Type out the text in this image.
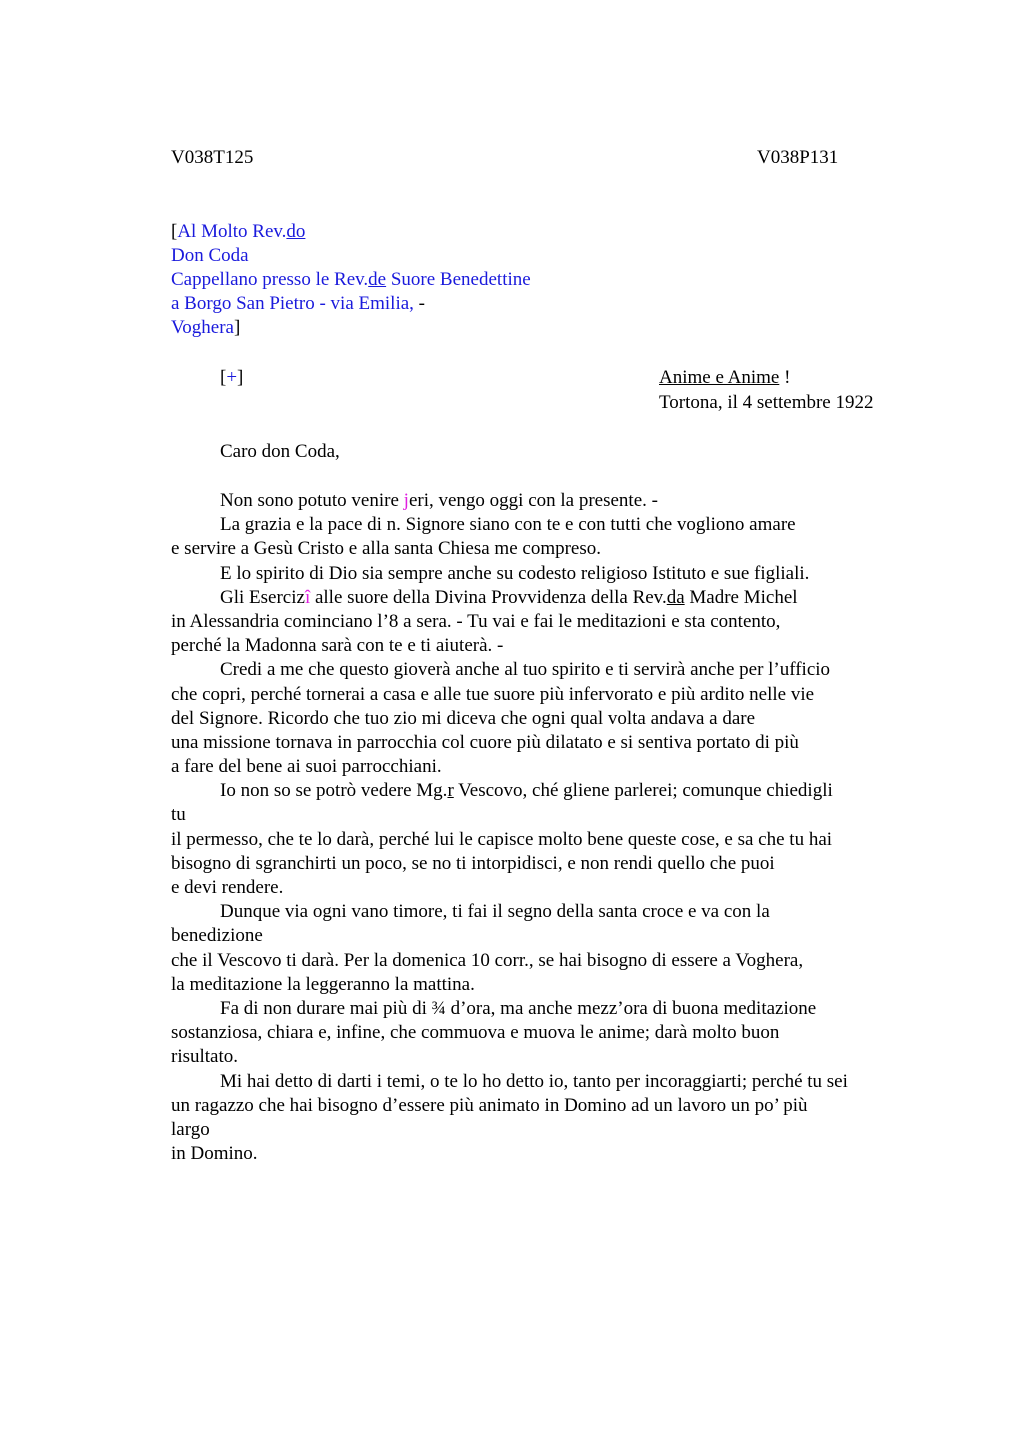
V038T125	V038P131
[Al Molto Rev.do
Don Coda
Cappellano presso le Rev.de Suore Benedettine
a Borgo San Pietro - via Emilia, -
Voghera]
[+]	Anime e Anime !
Tortona, il 4 settembre 1922
Caro don Coda,
Non sono potuto venire jeri, vengo oggi con la presente. -
La grazia e la pace di n. Signore siano con te e con tutti che vogliono amare
e servire a Gesù Cristo e alla santa Chiesa me compreso.
E lo spirito di Dio sia sempre anche su codesto religioso Istituto e sue figliali.
Gli Esercizî alle suore della Divina Provvidenza della Rev.da Madre Michel
in Alessandria cominciano l’8 a sera. - Tu vai e fai le meditazioni e sta contento,
perché la Madonna sarà con te e ti aiuterà. -
Credi a me che questo gioverà anche al tuo spirito e ti servirà anche per l’ufficio
che copri, perché tornerai a casa e alle tue suore più infervorato e più ardito nelle vie
del Signore. Ricordo che tuo zio mi diceva che ogni qual volta andava a dare
una missione tornava in parrocchia col cuore più dilatato e si sentiva portato di più
a fare del bene ai suoi parrocchiani.
Io non so se potrò vedere Mg.r Vescovo, ché gliene parlerei; comunque chiedigli
tu
il permesso, che te lo darà, perché lui le capisce molto bene queste cose, e sa che tu hai
bisogno di sgranchirti un poco, se no ti intorpidisci, e non rendi quello che puoi
e devi rendere.
Dunque via ogni vano timore, ti fai il segno della santa croce e va con la
benedizione
che il Vescovo ti darà. Per la domenica 10 corr., se hai bisogno di essere a Voghera,
la meditazione la leggeranno la mattina.
Fa di non durare mai più di ¾ d’ora, ma anche mezz’ora di buona meditazione
sostanziosa, chiara e, infine, che commuova e muova le anime; darà molto buon
risultato.
Mi hai detto di darti i temi, o te lo ho detto io, tanto per incoraggiarti; perché tu sei
un ragazzo che hai bisogno d’essere più animato in Domino ad un lavoro un po’ più
largo
in Domino.
